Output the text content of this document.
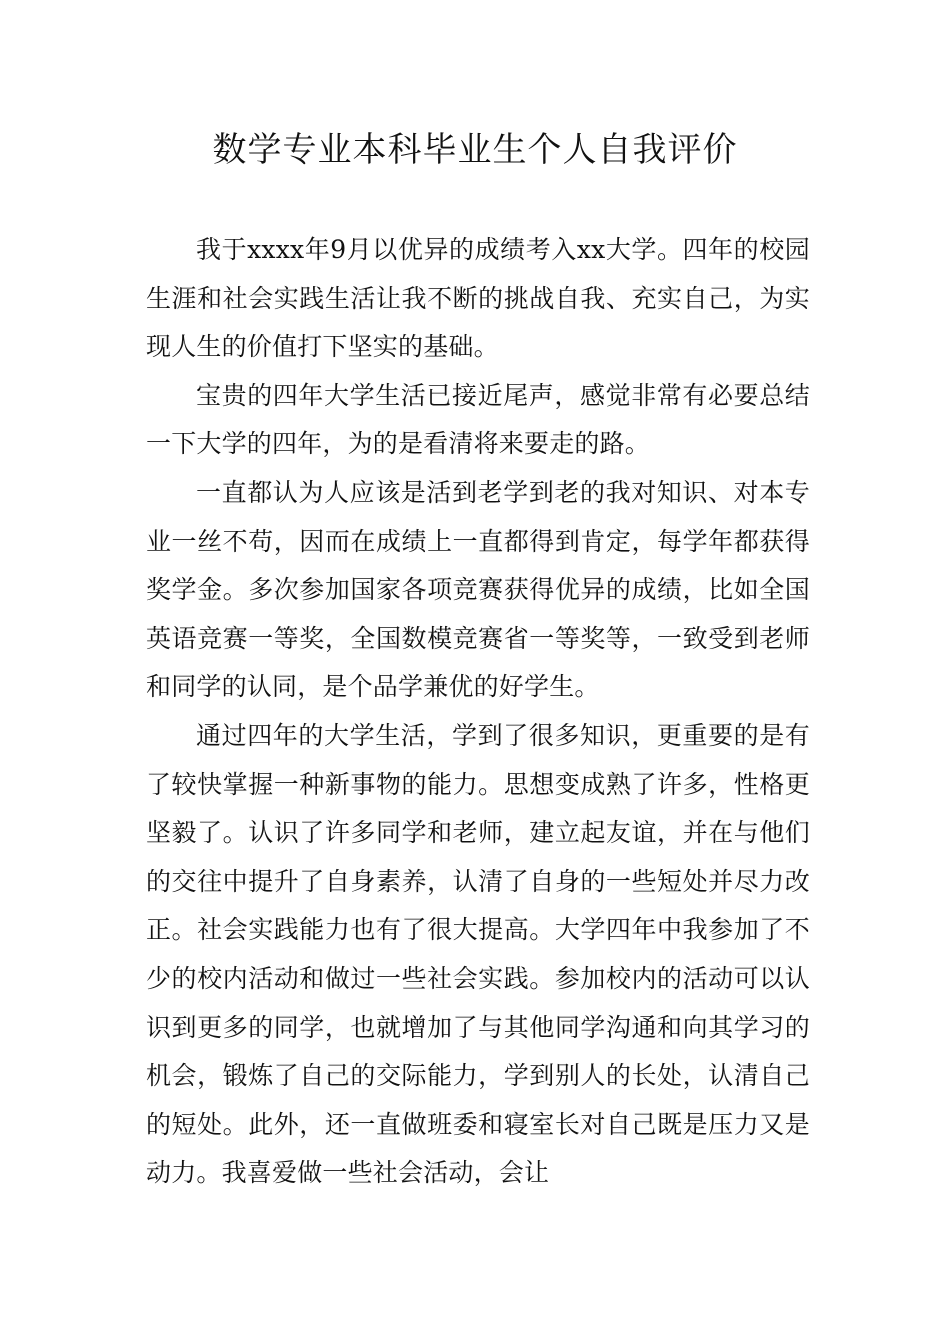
数学专业本科毕业生个人自我评价

我于xxxx年9月以优异的成绩考入xx大学。四年的校园生涯和社会实践生活让我不断的挑战自我、充实自己，为实现人生的价值打下坚实的基础。

宝贵的四年大学生活已接近尾声，感觉非常有必要总结一下大学的四年，为的是看清将来要走的路。

一直都认为人应该是活到老学到老的我对知识、对本专业一丝不苟，因而在成绩上一直都得到肯定，每学年都获得奖学金。多次参加国家各项竞赛获得优异的成绩，比如全国英语竞赛一等奖，全国数模竞赛省一等奖等，一致受到老师和同学的认同，是个品学兼优的好学生。

通过四年的大学生活，学到了很多知识，更重要的是有了较快掌握一种新事物的能力。思想变成熟了许多，性格更坚毅了。认识了许多同学和老师，建立起友谊，并在与他们的交往中提升了自身素养，认清了自身的一些短处并尽力改正。社会实践能力也有了很大提高。大学四年中我参加了不少的校内活动和做过一些社会实践。参加校内的活动可以认识到更多的同学，也就增加了与其他同学沟通和向其学习的机会，锻炼了自己的交际能力，学到别人的长处，认清自己的短处。此外，还一直做班委和寝室长对自己既是压力又是动力。我喜爱做一些社会活动，会让
